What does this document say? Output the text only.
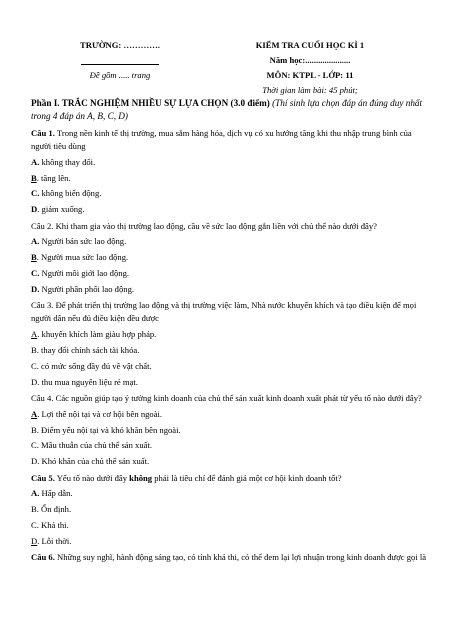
TRƯỜNG: ………….	KIỂM TRA CUỐI HỌC KÌ 1
Năm học:.....................
Đề gồm ..... trang	MÔN: KTPL - LỚP: 11
Thời gian làm bài: 45 phút;
Phần I. TRẮC NGHIỆM NHIỀU SỰ LỰA CHỌN (3.0 điểm) (Thí sinh lựa chọn đáp án đúng duy nhất trong 4 đáp án A, B, C, D)
Câu 1. Trong nền kinh tế thị trường, mua sắm hàng hóa, dịch vụ có xu hướng tăng khi thu nhập trung bình của người tiêu dùng
A. không thay đổi.
B. tăng lên.
C. không biến động.
D. giảm xuống.
Câu 2. Khi tham gia vào thị trường lao động, cầu về sức lao động gắn liền với chủ thể nào dưới đây?
A. Người bán sức lao động.
B. Người mua sức lao động.
C. Người môi giới lao động.
D. Người phân phối lao động.
Câu 3. Để phát triển thị trường lao động và thị trường việc làm, Nhà nước khuyến khích và tạo điều kiện để mọi người dân nếu đủ điều kiện đều được
A. khuyến khích làm giàu hợp pháp.
B. thay đổi chính sách tài khóa.
C. có mức sống đầy đủ về vật chất.
D. thu mua nguyên liệu rẻ mạt.
Câu 4. Các nguồn giúp tạo ý tưởng kinh doanh của chủ thể sản xuất kinh doanh xuất phát từ yếu tố nào dưới đây?
A. Lợi thế nội tại và cơ hội bên ngoài.
B. Điểm yếu nội tại và khó khăn bên ngoài.
C. Mâu thuẫn của chủ thể sản xuất.
D. Khó khăn của chủ thể sản xuất.
Câu 5. Yếu tố nào dưới đây không phải là tiêu chí để đánh giá một cơ hội kinh doanh tốt?
A. Hấp dẫn.
B. Ổn định.
C. Khả thi.
D. Lỗi thời.
Câu 6. Những suy nghĩ, hành động sáng tạo, có tính khả thi, có thể đem lại lợi nhuận trong kinh doanh được gọi là
